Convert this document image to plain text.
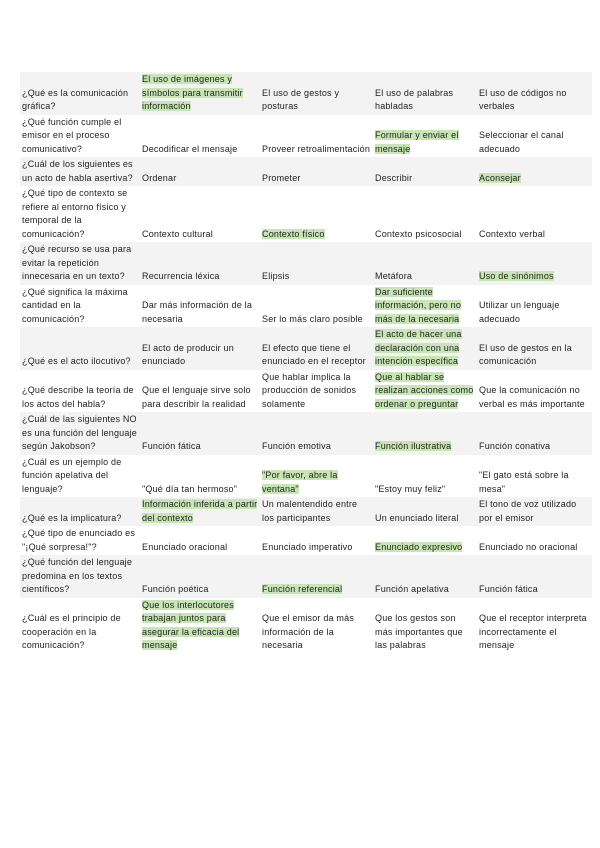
¿Qué es la comunicación gráfica?	El uso de imágenes y símbolos para transmitir información	El uso de gestos y posturas	El uso de palabras habladas	El uso de códigos no verbales
¿Qué función cumple el emisor en el proceso comunicativo?	Decodificar el mensaje	Proveer retroalimentación	Formular y enviar el mensaje	Seleccionar el canal adecuado
¿Cuál de los siguientes es un acto de habla asertiva?	Ordenar	Prometer	Describir	Aconsejar
¿Qué tipo de contexto se refiere al entorno físico y temporal de la comunicación?	Contexto cultural	Contexto físico	Contexto psicosocial	Contexto verbal
¿Qué recurso se usa para evitar la repetición innecesaria en un texto?	Recurrencia léxica	Elipsis	Metáfora	Uso de sinónimos
¿Qué significa la máxima cantidad en la comunicación?	Dar más información de la necesaria	Ser lo más claro posible	Dar suficiente información, pero no más de la necesaria	Utilizar un lenguaje adecuado
¿Qué es el acto ilocutivo?	El acto de producir un enunciado	El efecto que tiene el enunciado en el receptor	El acto de hacer una declaración con una intención específica	El uso de gestos en la comunicación
¿Qué describe la teoría de los actos del habla?	Que el lenguaje sirve solo para describir la realidad	Que hablar implica la producción de sonidos solamente	Que al hablar se realizan acciones como ordenar o preguntar	Que la comunicación no verbal es más importante
¿Cuál de las siguientes NO es una función del lenguaje según Jakobson?	Función fática	Función emotiva	Función ilustrativa	Función conativa
¿Cuál es un ejemplo de función apelativa del lenguaje?	"Qué día tan hermoso"	"Por favor, abre la ventana"	"Estoy muy feliz"	"El gato está sobre la mesa"
¿Qué es la implicatura?	Información inferida a partir del contexto	Un malentendido entre los participantes	Un enunciado literal	El tono de voz utilizado por el emisor
¿Qué tipo de enunciado es "¡Qué sorpresa!"?	Enunciado oracional	Enunciado imperativo	Enunciado expresivo	Enunciado no oracional
¿Qué función del lenguaje predomina en los textos científicos?	Función poética	Función referencial	Función apelativa	Función fática
¿Cuál es el principio de cooperación en la comunicación?	Que los interlocutores trabajan juntos para asegurar la eficacia del mensaje	Que el emisor da más información de la necesaria	Que los gestos son más importantes que las palabras	Que el receptor interpreta incorrectamente el mensaje
